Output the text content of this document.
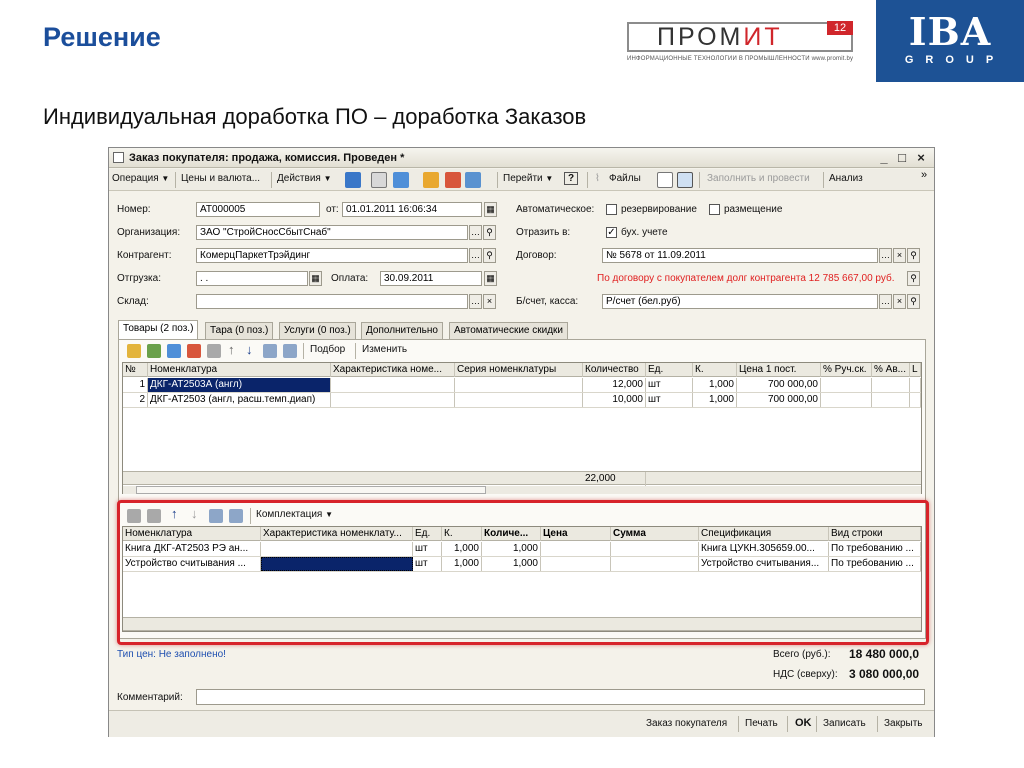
Решение	ПРОМИТ	12
ИНФОРМАЦИОННЫЕ ТЕХНОЛОГИИ В ПРОМЫШЛЕННОСТИ www.promit.by
IBA
GROUP
Индивидуальная доработка ПО – доработка Заказов
Заказ покупателя: продажа, комиссия. Проведен *	_ □ ×
Операция ▼ Цены и валюта... Действия ▼	Перейти ▼	?	⌇ Файлы	Заполнить и провести Анализ	»
Номер:	АТ000005	от: 01.01.2011 16:06:34	▦ Автоматическое:	резервирование	размещение
Организация:	ЗАО "СтройСносСбытСнаб"	… ⚲	Отразить в:	✓ бух. учете
Контрагент:	КомерцПаркетТрэйдинг	… ⚲	Договор:	№ 5678 от 11.09.2011	… × ⚲
Отгрузка:	. .	▦ Оплата:	30.09.2011	▦	По договору с покупателем долг контрагента 12 785 667,00 руб.	⚲
Склад:	… ×	Б/счет, касса:	Р/счет (бел.руб)	… × ⚲
Товары (2 поз.)	Тара (0 поз.)	Услуги (0 поз.)	Дополнительно	Автоматические скидки
↑ ↓	Подбор Изменить
№	Номенклатура	Характеристика номе...	Серия номенклатуры	Количество Ед.	К.	Цена 1 пост.	% Руч.ск. % Ав... L
1 ДКГ-АТ2503А (англ)	12,000 шт	1,000	700 000,00
2 ДКГ-АТ2503 (англ, расш.темп.диап)	10,000 шт	1,000	700 000,00
22,000
↑ ↓	Комплектация ▼
Номенклатура	Характеристика номенклату...	Ед.	К.	Количе...	Цена	Сумма	Спецификация	Вид строки
Книга ДКГ-АТ2503 РЭ ан...	шт	1,000	1,000	Книга ЦУКН.305659.00...	По требованию ...
Устройство считывания ...	шт	1,000	1,000	Устройство считывания...	По требованию ...
Тип цен: Не заполнено!	Всего (руб.): 18 480 000,0
НДС (сверху): 3 080 000,00
Комментарий:
Заказ покупателя Печать OK Записать Закрыть
